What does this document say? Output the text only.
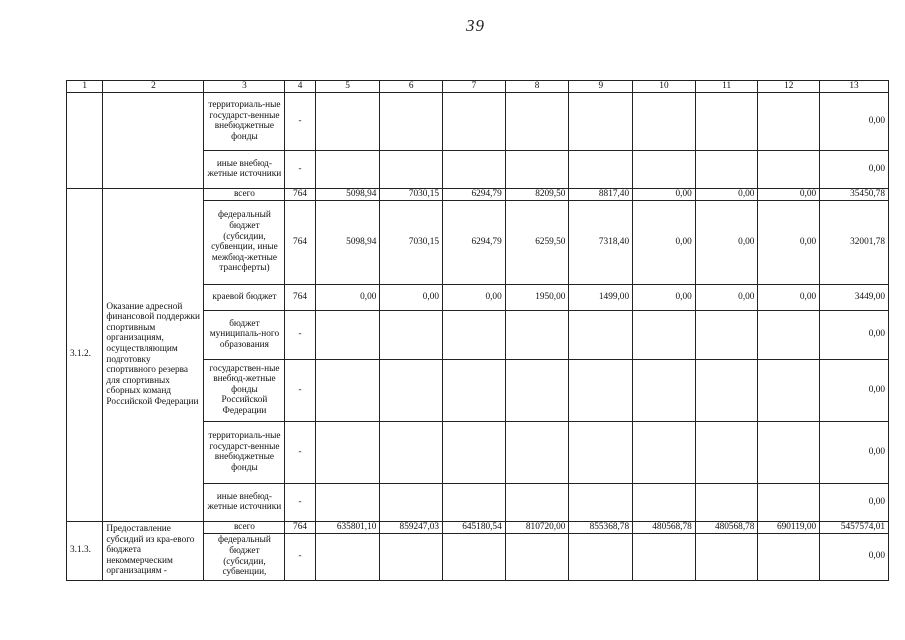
39
1	2	3	4	5	6	7	8	9	10	11	12	13
		территориаль-ные государст-венные внебюджетные фонды	-									0,00
		иные внебюд-жетные источники	-									0,00
3.1.2.	Оказание адресной финансовой поддержки спортивным организациям, осуществляющим подготовку спортивного резерва для спортивных сборных команд Российской Федерации	всего	764	5098,94	7030,15	6294,79	8209,50	8817,40	0,00	0,00	0,00	35450,78
		федеральный бюджет (субсидии, субвенции, иные межбюд-жетные трансферты)	764	5098,94	7030,15	6294,79	6259,50	7318,40	0,00	0,00	0,00	32001,78
		краевой бюджет	764	0,00	0,00	0,00	1950,00	1499,00	0,00	0,00	0,00	3449,00
		бюджет муниципаль-ного образования	-									0,00
		государствен-ные внебюд-жетные фонды Российской Федерации	-									0,00
		территориаль-ные государст-венные внебюджетные фонды	-									0,00
		иные внебюд-жетные источники	-									0,00
3.1.3.	Предоставление субсидий из кра-евого бюджета некоммерческим организациям -	всего	764	635801,10	859247,03	645180,54	810720,00	855368,78	480568,78	480568,78	690119,00	5457574,01
		федеральный бюджет (субсидии, субвенции,	-									0,00
